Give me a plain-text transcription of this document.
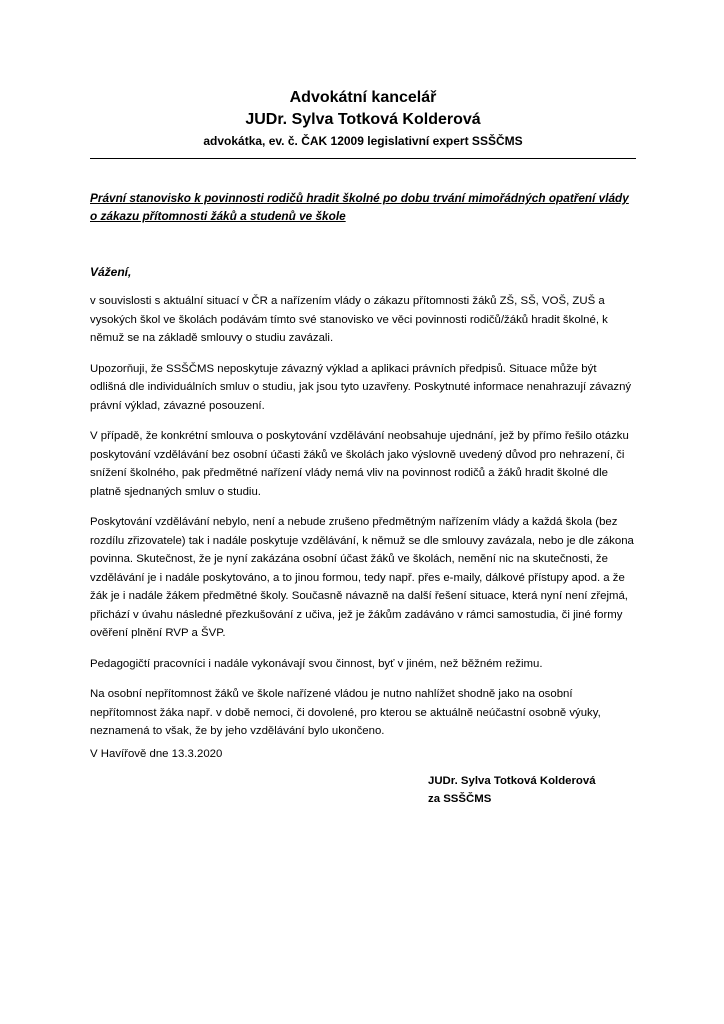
Advokátní kancelář
JUDr. Sylva Totková Kolderová
advokátka, ev. č. ČAK 12009 legislativní expert SSŠČMS
Právní stanovisko k povinnosti rodičů hradit školné po dobu trvání mimořádných opatření vlády o zákazu přítomnosti žáků a studenů ve škole
Vážení,

v souvislosti s aktuální situací v ČR a nařízením vlády o zákazu přítomnosti žáků ZŠ, SŠ, VOŠ, ZUŠ a vysokých škol ve školách podávám tímto své stanovisko ve věci povinnosti rodičů/žáků hradit školné, k němuž se na základě smlouvy o studiu zavázali.

Upozorňuji, že SSŠČMS neposkytuje závazný výklad a aplikaci právních předpisů. Situace může být odlišná dle individuálních smluv o studiu, jak jsou tyto uzavřeny. Poskytnuté informace nenahrazují závazný právní výklad, závazné posouzení.

V případě, že konkrétní smlouva o poskytování vzdělávání neobsahuje ujednání, jež by přímo řešilo otázku poskytování vzdělávání bez osobní účasti žáků ve školách jako výslovně uvedený důvod pro nehrazení, či snížení školného, pak předmětné nařízení vlády nemá vliv na povinnost rodičů a žáků hradit školné dle platně sjednaných smluv o studiu.

Poskytování vzdělávání nebylo, není a nebude zrušeno předmětným nařízením vlády a každá škola (bez rozdílu zřizovatele) tak i nadále poskytuje vzdělávání, k němuž se dle smlouvy zavázala, nebo je dle zákona povinna. Skutečnost, že je nyní zakázána osobní účast žáků ve školách, nemění nic na skutečnosti, že vzdělávání je i nadále poskytováno, a to jinou formou, tedy např. přes e-maily, dálkové přístupy apod. a že žák je i nadále žákem předmětné školy. Současně návazně na další řešení situace, která nyní není zřejmá, přichází v úvahu následné přezkušování z učiva, jež je žákům zadáváno v rámci samostudia, či jiné formy ověření plnění RVP a ŠVP.

Pedagogičtí pracovníci i nadále vykonávají svou činnost, byť v jiném, než běžném režimu.

Na osobní nepřítomnost žáků ve škole nařízené vládou je nutno nahlížet shodně jako na osobní nepřítomnost žáka např. v době nemoci, či dovolené, pro kterou se aktuálně neúčastní osobně výuky, neznamená to však, že by jeho vzdělávání bylo ukončeno.

V Havířově dne 13.3.2020
JUDr. Sylva Totková Kolderová
za SSŠČMS
